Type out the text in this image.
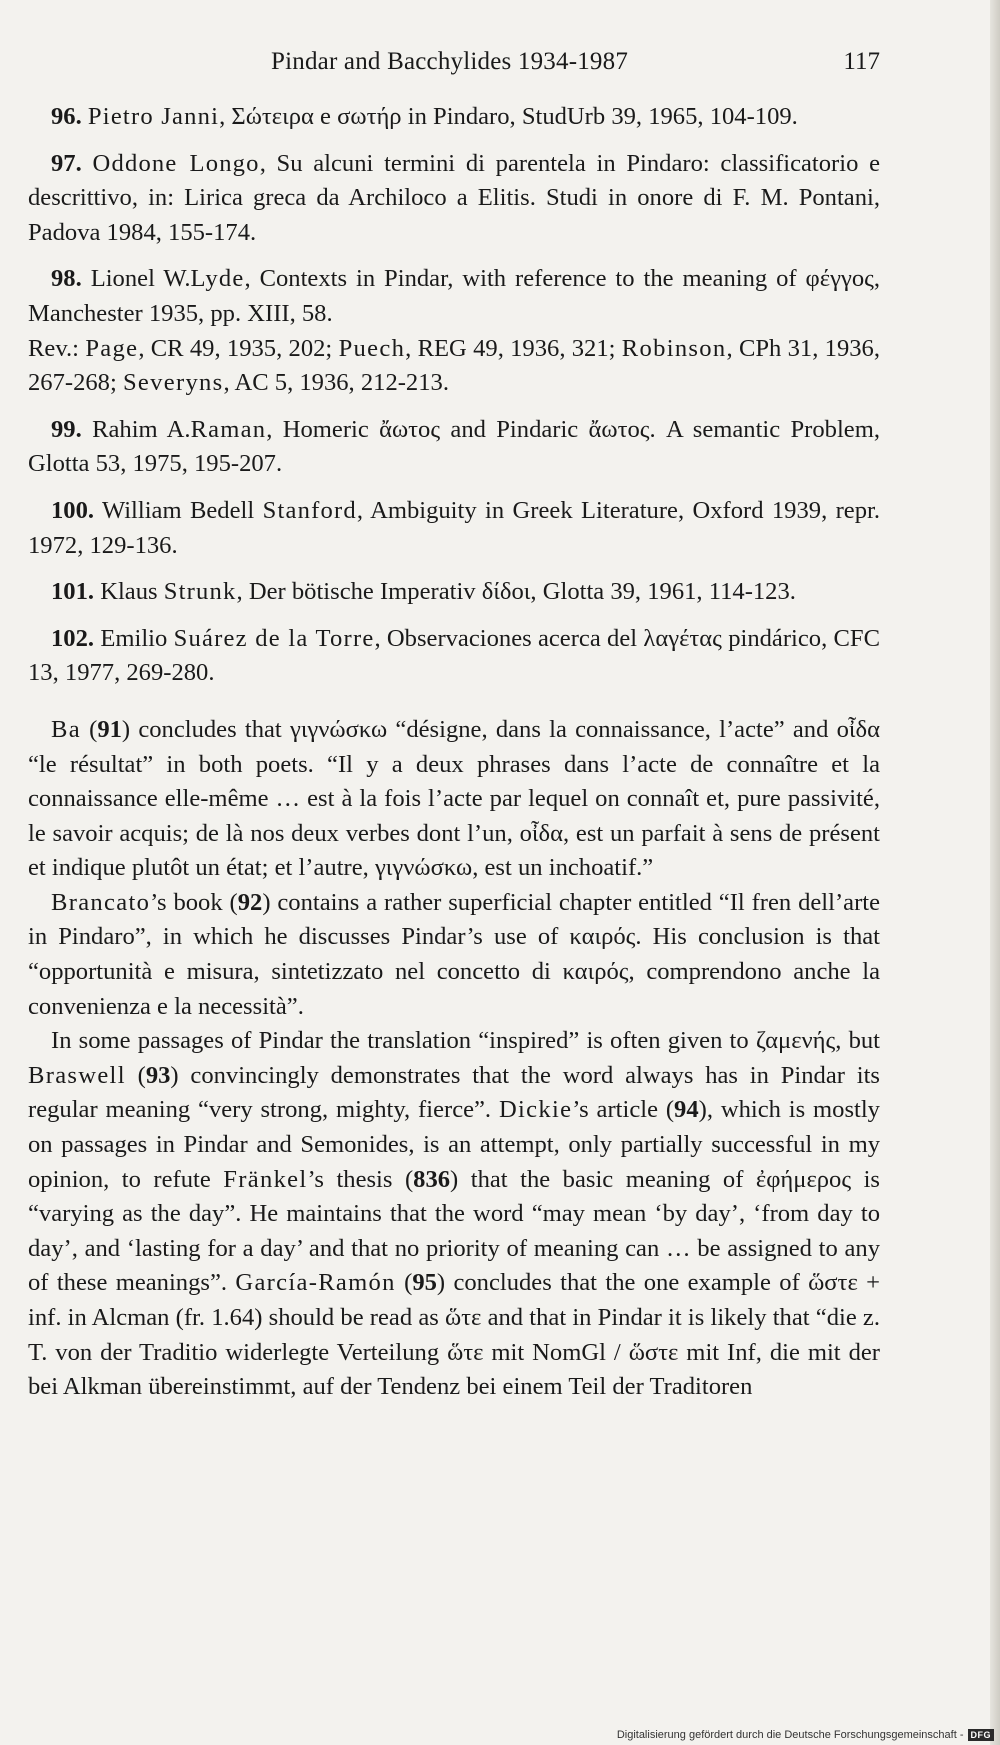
Pindar and Bacchylides 1934-1987	117

96. Pietro Janni, Σώτειρα e σωτήρ in Pindaro, StudUrb 39, 1965, 104-109.

97. Oddone Longo, Su alcuni termini di parentela in Pindaro: classificatorio e descrittivo, in: Lirica greca da Archiloco a Elitis. Studi in onore di F. M. Pontani, Padova 1984, 155-174.

98. Lionel W.Lyde, Contexts in Pindar, with reference to the meaning of φέγγος, Manchester 1935, pp. XIII, 58.

Rev.: Page, CR 49, 1935, 202; Puech, REG 49, 1936, 321; Robinson, CPh 31, 1936, 267-268; Severyns, AC 5, 1936, 212-213.

99. Rahim A.Raman, Homeric ἄωτος and Pindaric ἄωτος. A semantic Problem, Glotta 53, 1975, 195-207.

100. William Bedell Stanford, Ambiguity in Greek Literature, Oxford 1939, repr. 1972, 129-136.

101. Klaus Strunk, Der bötische Imperativ δίδοι, Glotta 39, 1961, 114-123.

102. Emilio Suárez de la Torre, Observaciones acerca del λαγέτας pindárico, CFC 13, 1977, 269-280.

Ba (91) concludes that γιγνώσκω “désigne, dans la connaissance, l’acte” and οἶδα “le résultat” in both poets. “Il y a deux phrases dans l’acte de connaître et la connaissance elle-même … est à la fois l’acte par lequel on connaît et, pure passivité, le savoir acquis; de là nos deux verbes dont l’un, οἶδα, est un parfait à sens de présent et indique plutôt un état; et l’autre, γιγνώσκω, est un inchoatif.”

Brancato’s book (92) contains a rather superficial chapter entitled “Il fren dell’arte in Pindaro”, in which he discusses Pindar’s use of καιρός. His conclusion is that “opportunità e misura, sintetizzato nel concetto di καιρός, comprendono anche la convenienza e la necessità”.

In some passages of Pindar the translation “inspired” is often given to ζαμενής, but Braswell (93) convincingly demonstrates that the word always has in Pindar its regular meaning “very strong, mighty, fierce”. Dickie’s article (94), which is mostly on passages in Pindar and Semonides, is an attempt, only partially successful in my opinion, to refute Fränkel’s thesis (836) that the basic meaning of ἐφήμερος is “varying as the day”. He maintains that the word “may mean ‘by day’, ‘from day to day’, and ‘lasting for a day’ and that no priority of meaning can … be assigned to any of these meanings”. García-Ramón (95) concludes that the one example of ὥστε + inf. in Alcman (fr. 1.64) should be read as ὥτε and that in Pindar it is likely that “die z. T. von der Traditio widerlegte Verteilung ὥτε mit NomGl / ὥστε mit Inf, die mit der bei Alkman übereinstimmt, auf der Tendenz bei einem Teil der Traditoren

Digitalisierung gefördert durch die Deutsche Forschungsgemeinschaft - DFG
